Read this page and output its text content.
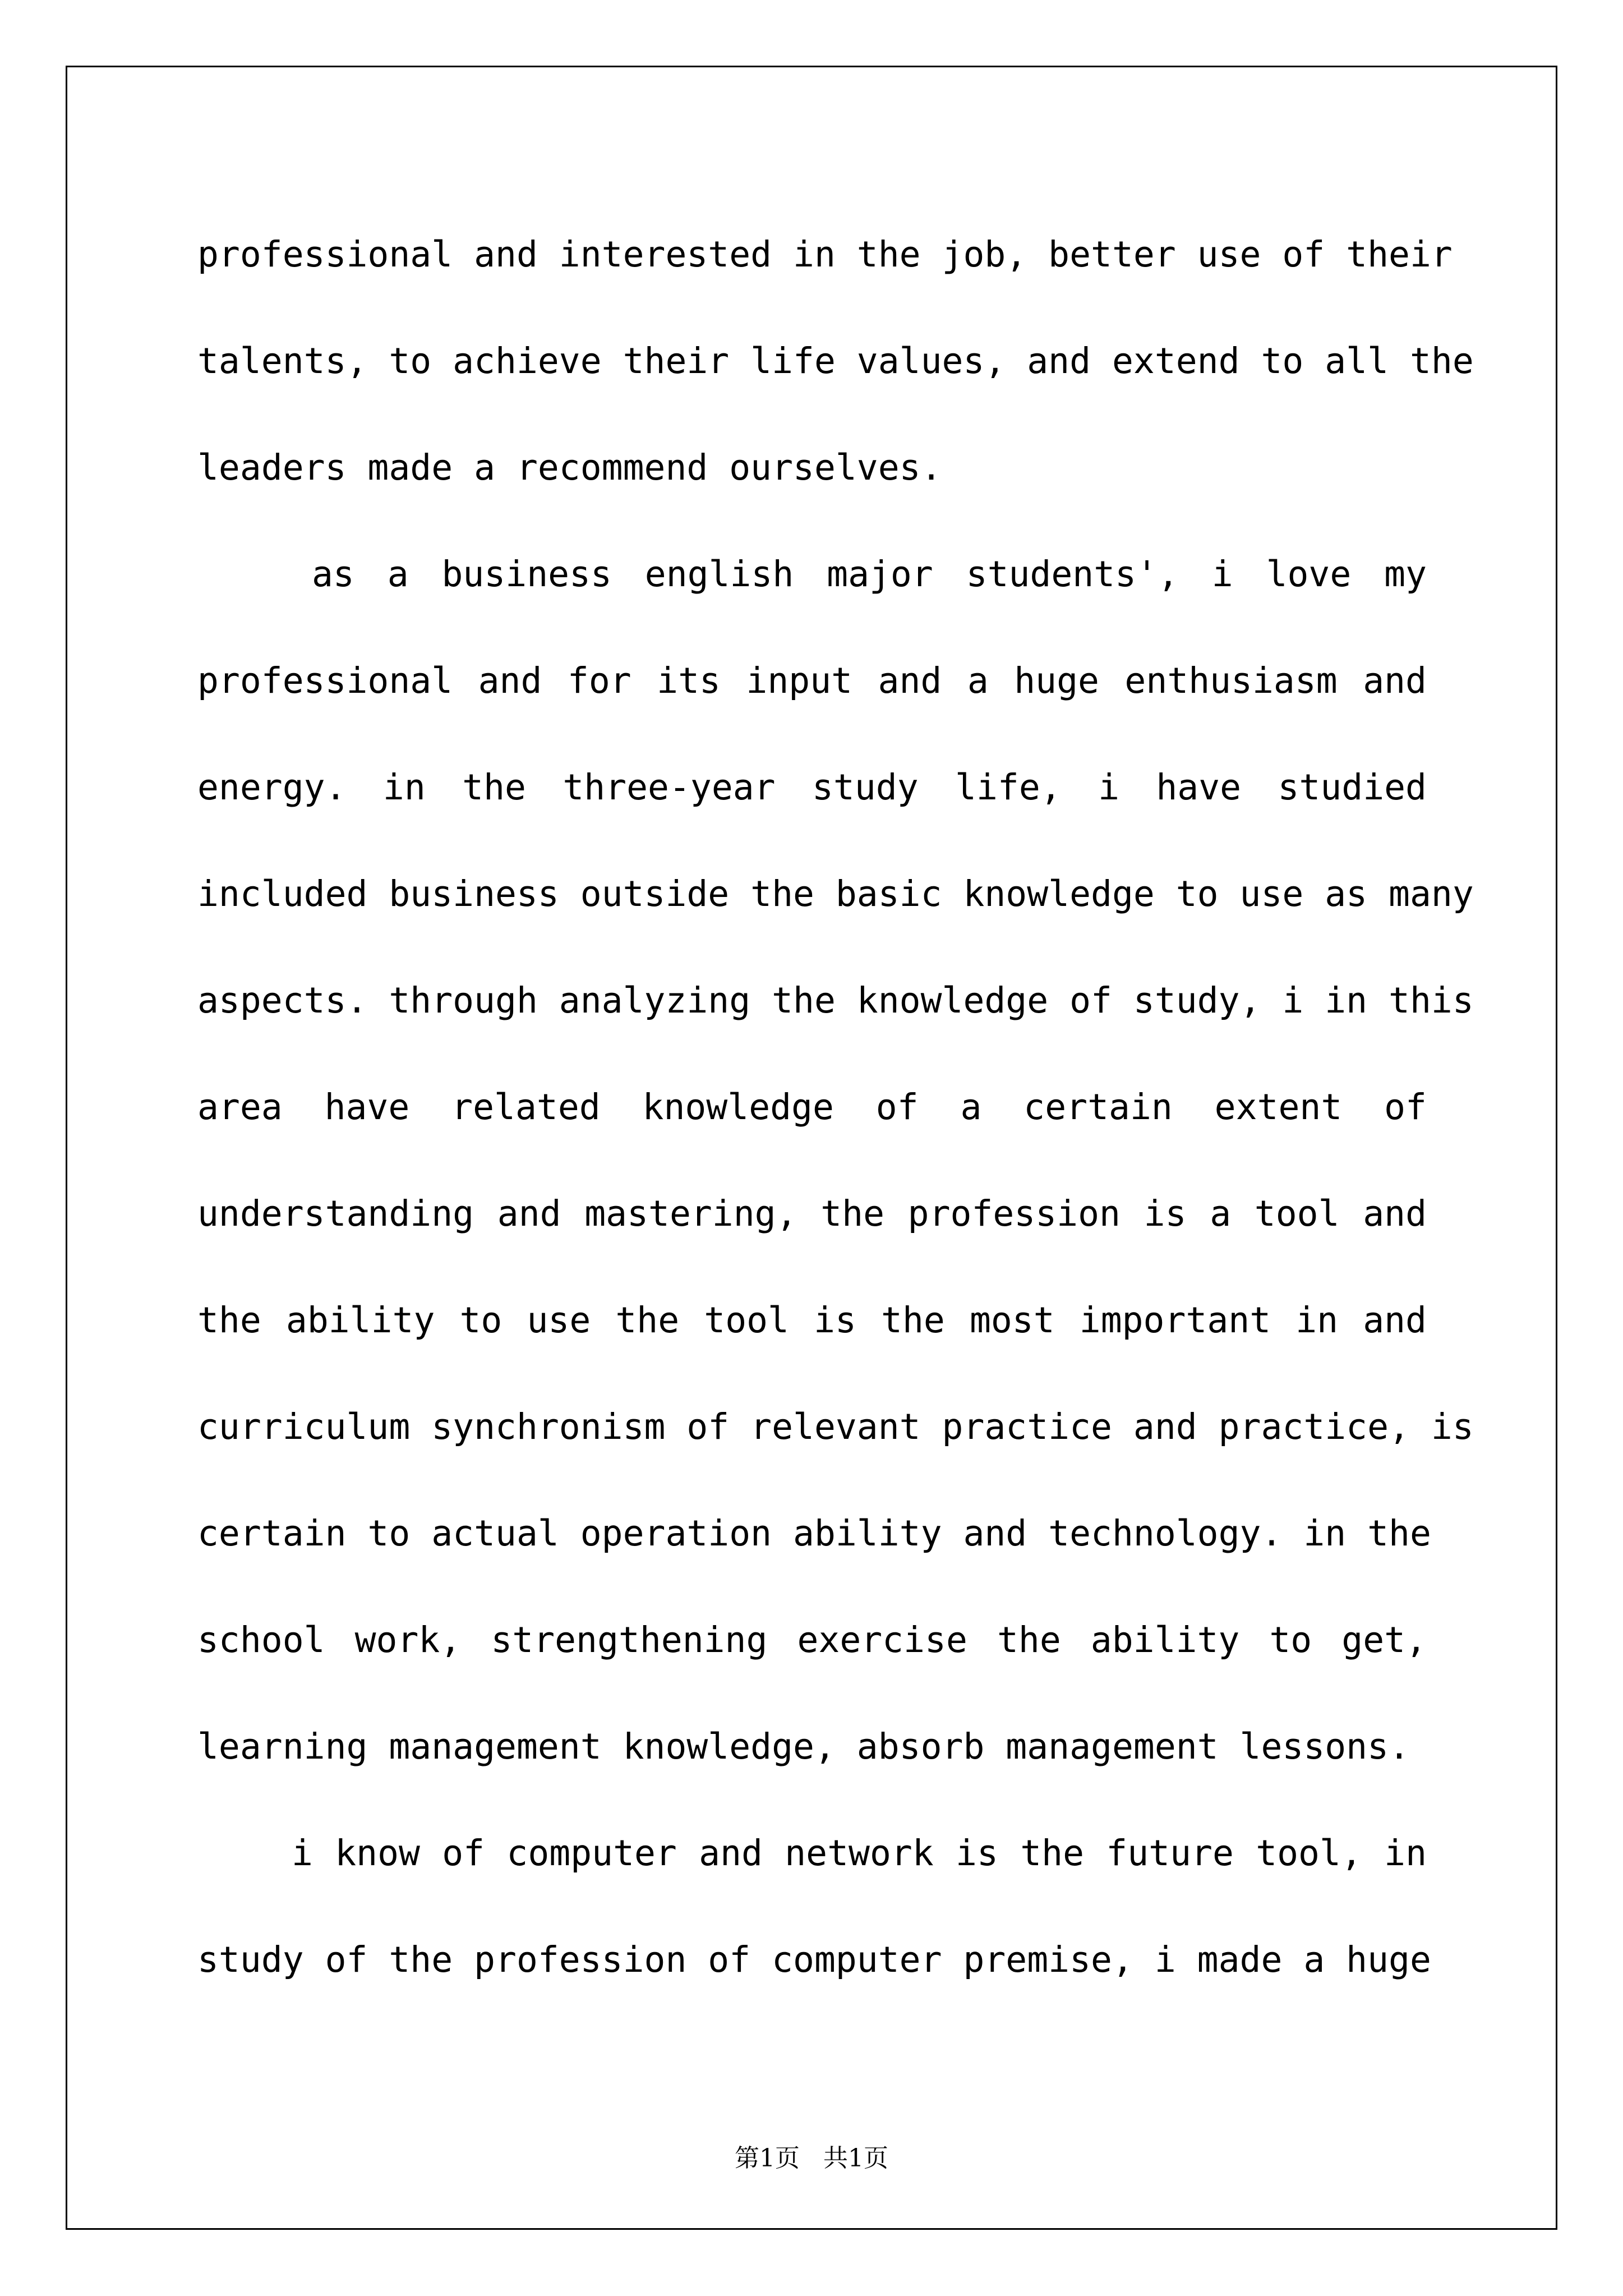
professional and interested in the job, better use of their
talents, to achieve their life values, and extend to all the
leaders made a recommend ourselves.
as a business english major students', i love my
professional and for its input and a huge enthusiasm and
energy. in the three-year study life, i have studied
included business outside the basic knowledge to use as many
aspects. through analyzing the knowledge of study, i in this
area have related knowledge of a certain extent of
understanding and mastering, the profession is a tool and
the ability to use the tool is the most important in and
curriculum synchronism of relevant practice and practice, is
certain to actual operation ability and technology. in the
school work, strengthening exercise the ability to get,
learning management knowledge, absorb management lessons.
i know of computer and network is the future tool, in
study of the profession of computer premise, i made a huge
第1页   共1页
